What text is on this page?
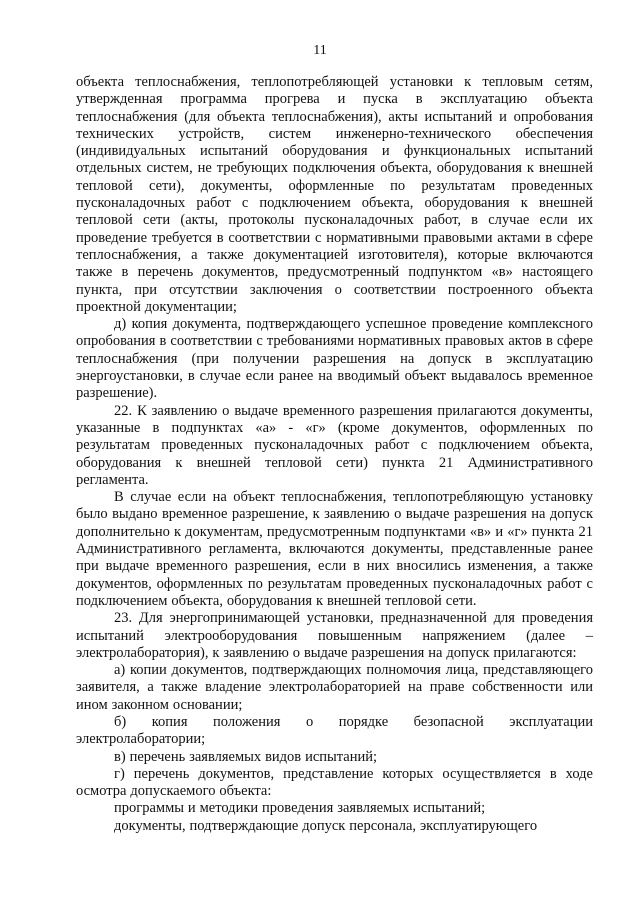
11

объекта теплоснабжения, теплопотребляющей установки к тепловым сетям, утвержденная программа прогрева и пуска в эксплуатацию объекта теплоснабжения (для объекта теплоснабжения), акты испытаний и опробования технических устройств, систем инженерно-технического обеспечения (индивидуальных испытаний оборудования и функциональных испытаний отдельных систем, не требующих подключения объекта, оборудования к внешней тепловой сети), документы, оформленные по результатам проведенных пусконаладочных работ с подключением объекта, оборудования к внешней тепловой сети (акты, протоколы пусконаладочных работ, в случае если их проведение требуется в соответствии с нормативными правовыми актами в сфере теплоснабжения, а также документацией изготовителя), которые включаются также в перечень документов, предусмотренный подпунктом «в» настоящего пункта, при отсутствии заключения о соответствии построенного объекта проектной документации;

д) копия документа, подтверждающего успешное проведение комплексного опробования в соответствии с требованиями нормативных правовых актов в сфере теплоснабжения (при получении разрешения на допуск в эксплуатацию энергоустановки, в случае если ранее на вводимый объект выдавалось временное разрешение).

22. К заявлению о выдаче временного разрешения прилагаются документы, указанные в подпунктах «а» - «г» (кроме документов, оформленных по результатам проведенных пусконаладочных работ с подключением объекта, оборудования к внешней тепловой сети) пункта 21 Административного регламента.

В случае если на объект теплоснабжения, теплопотребляющую установку было выдано временное разрешение, к заявлению о выдаче разрешения на допуск дополнительно к документам, предусмотренным подпунктами «в» и «г» пункта 21 Административного регламента, включаются документы, представленные ранее при выдаче временного разрешения, если в них вносились изменения, а также документов, оформленных по результатам проведенных пусконаладочных работ с подключением объекта, оборудования к внешней тепловой сети.

23. Для энергопринимающей установки, предназначенной для проведения испытаний электрооборудования повышенным напряжением (далее – электролаборатория), к заявлению о выдаче разрешения на допуск прилагаются:

а) копии документов, подтверждающих полномочия лица, представляющего заявителя, а также владение электролабораторией на праве собственности или ином законном основании;

б) копия положения о порядке безопасной эксплуатации электролаборатории;

в) перечень заявляемых видов испытаний;

г) перечень документов, представление которых осуществляется в ходе осмотра допускаемого объекта:

программы и методики проведения заявляемых испытаний;

документы, подтверждающие допуск персонала, эксплуатирующего
